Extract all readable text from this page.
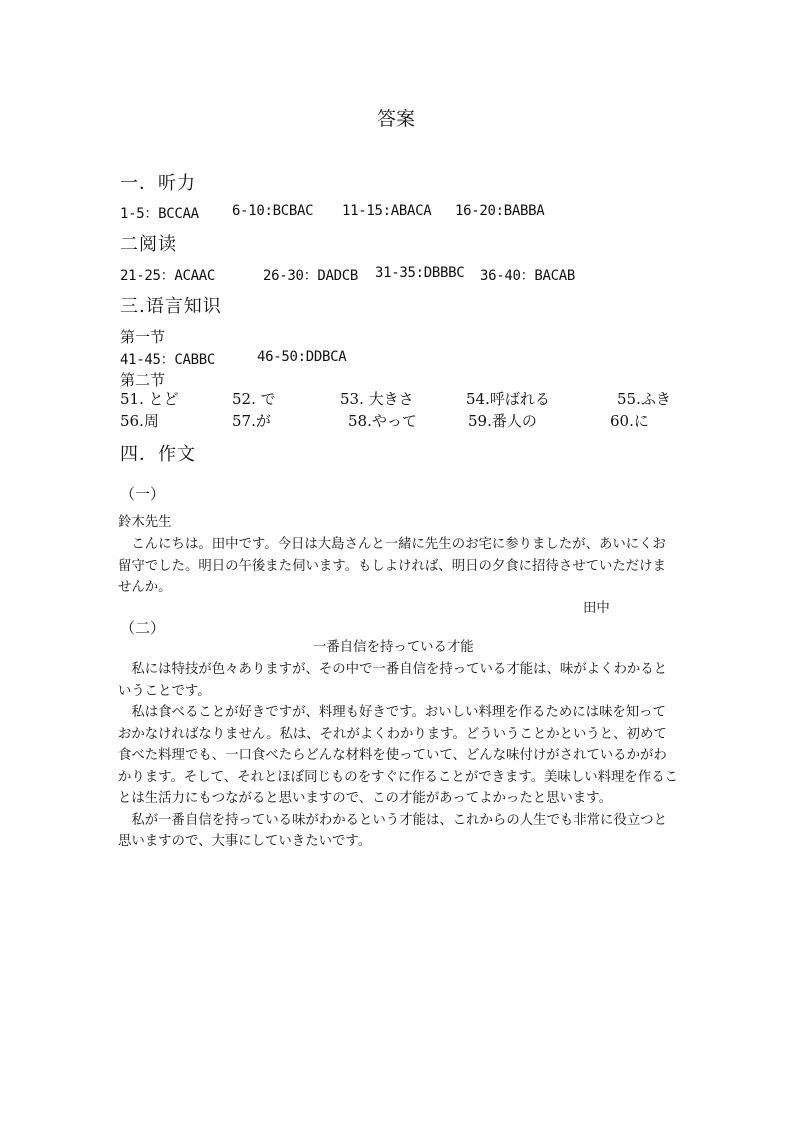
答案
一．听力
1-5：BCCAA 6-10:BCBAC 11-15:ABACA 16-20:BABBA
二阅读
21-25：ACAAC	26-30：DADCB 31-35:DBBBC 36-40：BACAB
三.语言知识
第一节
41-45：CABBC	46-50:DDBCA
第二节
51. とど	52. で	53. 大きさ	54.呼ばれる	55.ふき
56.周	57.が	58.やって	59.番人の	60.に
四．作文
（一）
鈴木先生

こんにちは。田中です。今日は大島さんと一緒に先生のお宅に参りましたが、あいにくお留守でした。明日の午後また伺います。もしよければ、明日の夕食に招待させていただけませんか。

田中
（二）
一番自信を持っている才能

私には特技が色々ありますが、その中で一番自信を持っている才能は、味がよくわかるということです。

私は食べることが好きですが、料理も好きです。おいしい料理を作るためには味を知っておかなければなりません。私は、それがよくわかります。どういうことかというと、初めて食べた料理でも、一口食べたらどんな材料を使っていて、どんな味付けがされているかがわかります。そして、それとほぼ同じものをすぐに作ることができます。美味しい料理を作ることは生活力にもつながると思いますので、この才能があってよかったと思います。

私が一番自信を持っている味がわかるという才能は、これからの人生でも非常に役立つと思いますので、大事にしていきたいです。
